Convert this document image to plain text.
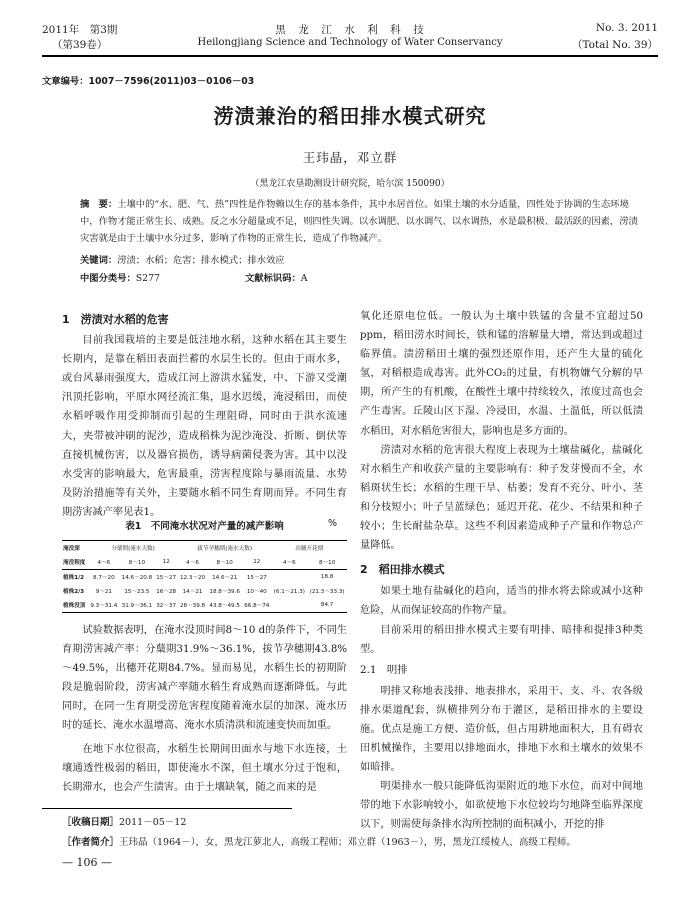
2011年　第3期
（第39卷）
黑　龙　江　水　利　科　技
Heilongjiang Science and Technology of Water Conservancy
No. 3. 2011
（Total No. 39）
文章编号：1007－7596(2011)03－0106－03
涝渍兼治的稻田排水模式研究
王玮晶，邓立群
（黑龙江农垦勘测设计研究院，哈尔滨 150090）
摘　要：土壤中的“水、肥、气、热”四性是作物赖以生存的基本条件，其中水居首位。如果土壤的水分适量，四性处于协调的生态环境中，作物才能正常生长、成熟。反之水分超量或不足，则四性失调。以水调肥、以水调气、以水调热，水是最积极、最活跃的因素，涝渍灾害就是由于土壤中水分过多，影响了作物的正常生长，造成了作物减产。
关键词：涝渍；水稻；危害；排水模式；排水效应
中图分类号：S277	文献标识码：A
1　 涝渍对水稻的危害

目前我国栽培的主要是低洼地水稻，这种水稻在其主要生长期内，是靠在稻田表面拦蓄的水层生长的。但由于雨水多，或台风暴雨强度大，造成江河上游洪水猛发，中、下游又受潮汛顶托影响，平原水网径流汇集，退水迟缓，淹浸稻田，而使水稻呼吸作用受抑制而引起的生理阻碍，同时由于洪水流速大，夹带被冲刷的泥沙，造成稻株为泥沙淹没、折断、倒伏等直接机械伤害，以及器官损伤，诱导病菌侵袭为害。其中以没水受害的影响最大，危害最重，涝害程度除与暴雨流量、水势及防治措施等有关外，主要随水稻不同生育期而异。不同生育期涝害减产率见表1。

表1　不同淹水状况对产量的减产影响	%
淹没深	分蘖期(淹水天数)			拔节孕穗期(淹水天数)			出穗开花期	
淹没程度	4～6	8～10	12	4～6	8～10	12	4～6	8～10
植株1/2	8.7～20	14.6～20.8	15～27	12.3～20	14.6～21	15～27		18.8
植株2/3	9～21	15～23.5	16～28	14～21	18.8～39.6	10～40	(6.1～21.3)	(21.3～33.3)
植株没顶	9.3～31.4	31.9～36.1	32～37	28～39.8	43.8～49.5	66.8～74		84.7

试验数据表明，在淹水没顶时间8～10 d的条件下，不同生育期涝害减产率：分蘖期31.9%～36.1%，拔节孕穗期43.8%～49.5%，出穗开花期84.7%。显而易见，水稻生长的初期阶段是脆弱阶段，涝害减产率随水稻生育成熟而逐渐降低。与此同时，在同一生育期受涝危害程度随着淹水层的加深、淹水历时的延长、淹水水温增高、淹水水质清洪和流速变快而加重。

在地下水位很高，水稻生长期间田面水与地下水连接，土壤通透性极弱的稻田，即使淹水不深，但土壤水分过于饱和，长期滞水，也会产生渍害。由于土壤缺氧，随之而来的是

氧化还原电位低。一般认为土壤中铁锰的含量不宜超过50 ppm，稻田涝水时间长，铁和锰的溶解量大增，常达到或超过临界值。渍涝稻田土壤的强烈还原作用，还产生大量的硫化氢，对稻根造成毒害。此外CO₂的过量，有机物嫌气分解的早期，所产生的有机酸，在酸性土壤中持续较久，浓度过高也会产生毒害。丘陵山区下湿、冷浸田，水温、土温低，所以低渍水稻田，对水稻危害很大，影响也是多方面的。

涝渍对水稻的危害很大程度上表现为土壤盐碱化，盐碱化对水稻生产和收获产量的主要影响有：种子发芽慢而不全，水稻斑状生长；水稻的生理干旱、枯萎；发育不充分、叶小、茎和分枝短小；叶子呈蓝绿色；延迟开花、花少、不结果和种子较小；生长耐盐杂草。这些不利因素造成种子产量和作物总产量降低。

2　 稻田排水模式

如果土地有盐碱化的趋向，适当的排水将去除或减小这种危险，从而保证较高的作物产量。

目前采用的稻田排水模式主要有明排、暗排和提排3种类型。

2.1　 明排

明排又称地表浅排、地表排水，采用干、支、斗、农各级排水渠道配套，纵横排列分布于灌区，是稻田排水的主要设施。优点是施工方便、造价低，但占用耕地面积大，且有碍农田机械操作，主要用以排地面水，排地下水和土壤水的效果不如暗排。

明渠排水一般只能降低沟渠附近的地下水位，而对中间地带的地下水影响较小，如欲使地下水位较均匀地降至临界深度以下，则需使每条排水沟所控制的面积减小，开挖的排

［收稿日期］2011－05－12
［作者简介］王玮晶（1964－），女，黑龙江萝北人，高级工程师；邓立群（1963－），男，黑龙江绥棱人，高级工程师。
— 106 —
